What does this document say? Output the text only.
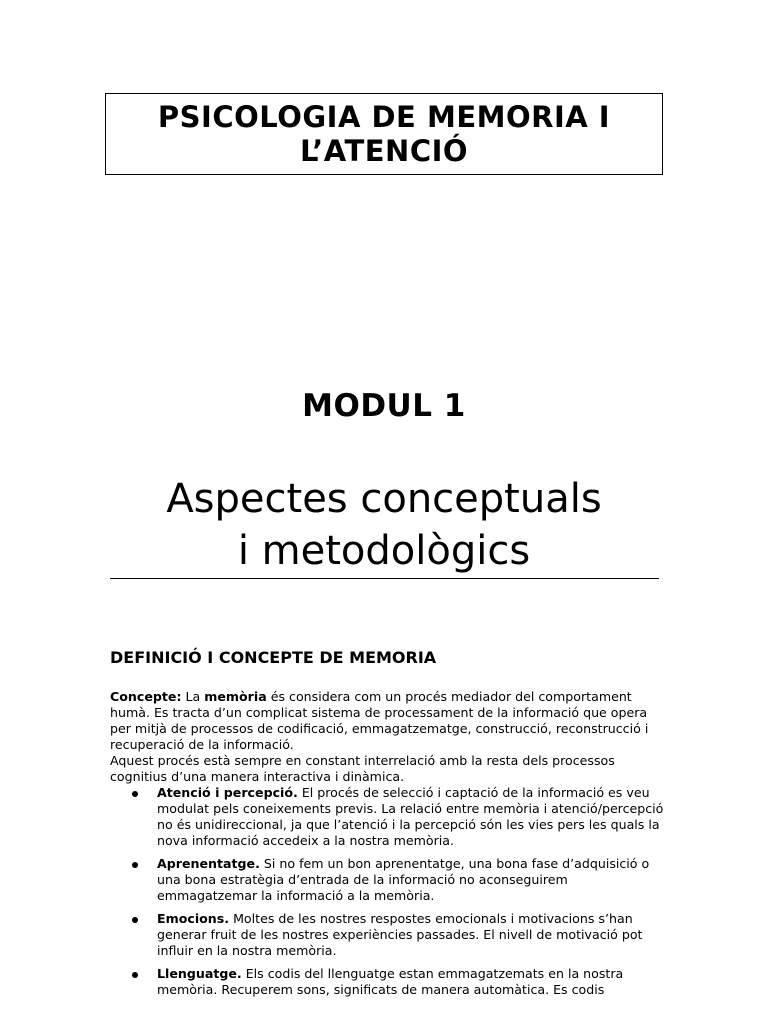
PSICOLOGIA DE MEMORIA I
L’ATENCIÓ
MODUL 1
Aspectes conceptuals
i metodològics
DEFINICIÓ I CONCEPTE DE MEMORIA

Concepte: La memòria és considera com un procés mediador del comportament humà. Es tracta d’un complicat sistema de processament de la informació que opera per mitjà de processos de codificació, emmagatzematge, construcció, reconstrucció i recuperació de la informació.

Aquest procés està sempre en constant interrelació amb la resta dels processos cognitius d’una manera interactiva i dinàmica.

Atenció i percepció. El procés de selecció i captació de la informació es veu modulat pels coneixements previs. La relació entre memòria i atenció/percepció no és unidireccional, ja que l’atenció i la percepció són les vies pers les quals la nova informació accedeix a la nostra memòria.
Aprenentatge. Si no fem un bon aprenentatge, una bona fase d’adquisició o una bona estratègia d’entrada de la informació no aconseguirem emmagatzemar la informació a la memòria.
Emocions. Moltes de les nostres respostes emocionals i motivacions s’han generar fruit de les nostres experiències passades. El nivell de motivació pot influir en la nostra memòria.
Llenguatge. Els codis del llenguatge estan emmagatzemats en la nostra memòria. Recuperem sons, significats de manera automàtica. Es codis
